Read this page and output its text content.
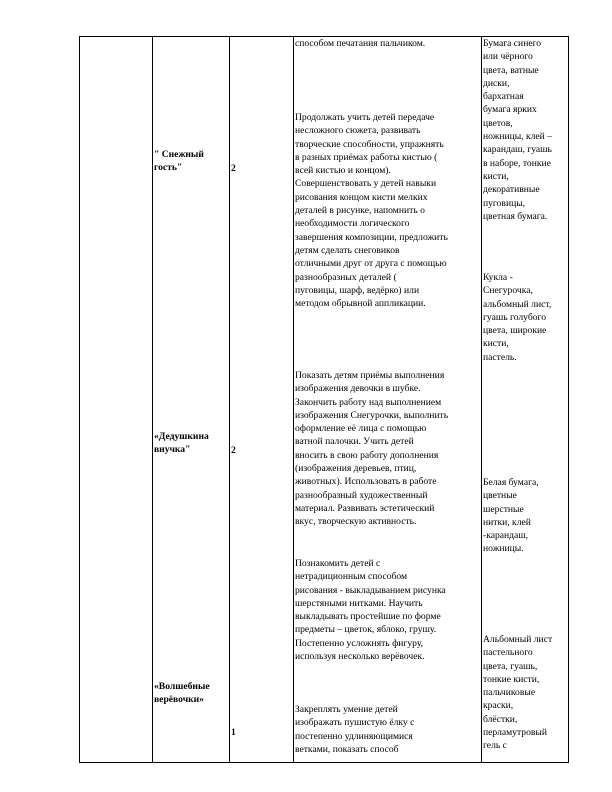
способом печатания пальчиком.
" Снежный
гость"	2
Продолжать учить детей передаче
несложного сюжета, развивать
творческие способности, упражнять
в разных приёмах работы кистью (
всей кистью и концом).
Совершенствовать у детей навыки
рисования концом кисти мелких
деталей в рисунке, напомнить о
необходимости логического
завершения композиции, предложить
детям сделать снеговиков
отличными друг от друга с помощью
разнообразных деталей (
пуговицы, шарф, ведёрко) или
методом обрывной аппликации.
Бумага синего
или чёрного
цвета, ватные
диски,
бархатная
бумага ярких
цветов,
ножницы, клей –
карандаш, гуашь
в наборе, тонкие
кисти,
декоративные
пуговицы,
цветная бумага.
«Дедушкина
внучка"	2
Показать детям приёмы выполнения
изображения девочки в шубке.
Закончить работу над выполнением
изображения Снегурочки, выполнить
оформление её лица с помощью
ватной палочки. Учить детей
вносить в свою работу дополнения
(изображения деревьев, птиц,
животных). Использовать в работе
разнообразный художественный
материал. Развивать эстетический
вкус, творческую активность.
Кукла -
Снегурочка,
альбомный лист,
гуашь голубого
цвета, широкие
кисти,
пастель.
«Волшебные
верёвочки»
1
Познакомить детей с
нетрадиционным способом
рисования - выкладыванием рисунка
шерстяными нитками. Научить
выкладывать простейшие по форме
предметы – цветок, яблоко, грушу.
Постепенно усложнять фигуру,
используя несколько верёвочек.
Белая бумага,
цветные
шерстные
нитки, клей
-карандаш,
ножницы.
Закреплять умение детей
изображать пушистую ёлку с
постепенно удлиняющимися
ветками, показать способ
Альбомный лист
пастельного
цвета, гуашь,
тонкие кисти,
пальчиковые
краски,
блёстки,
перламутровый
гель с
